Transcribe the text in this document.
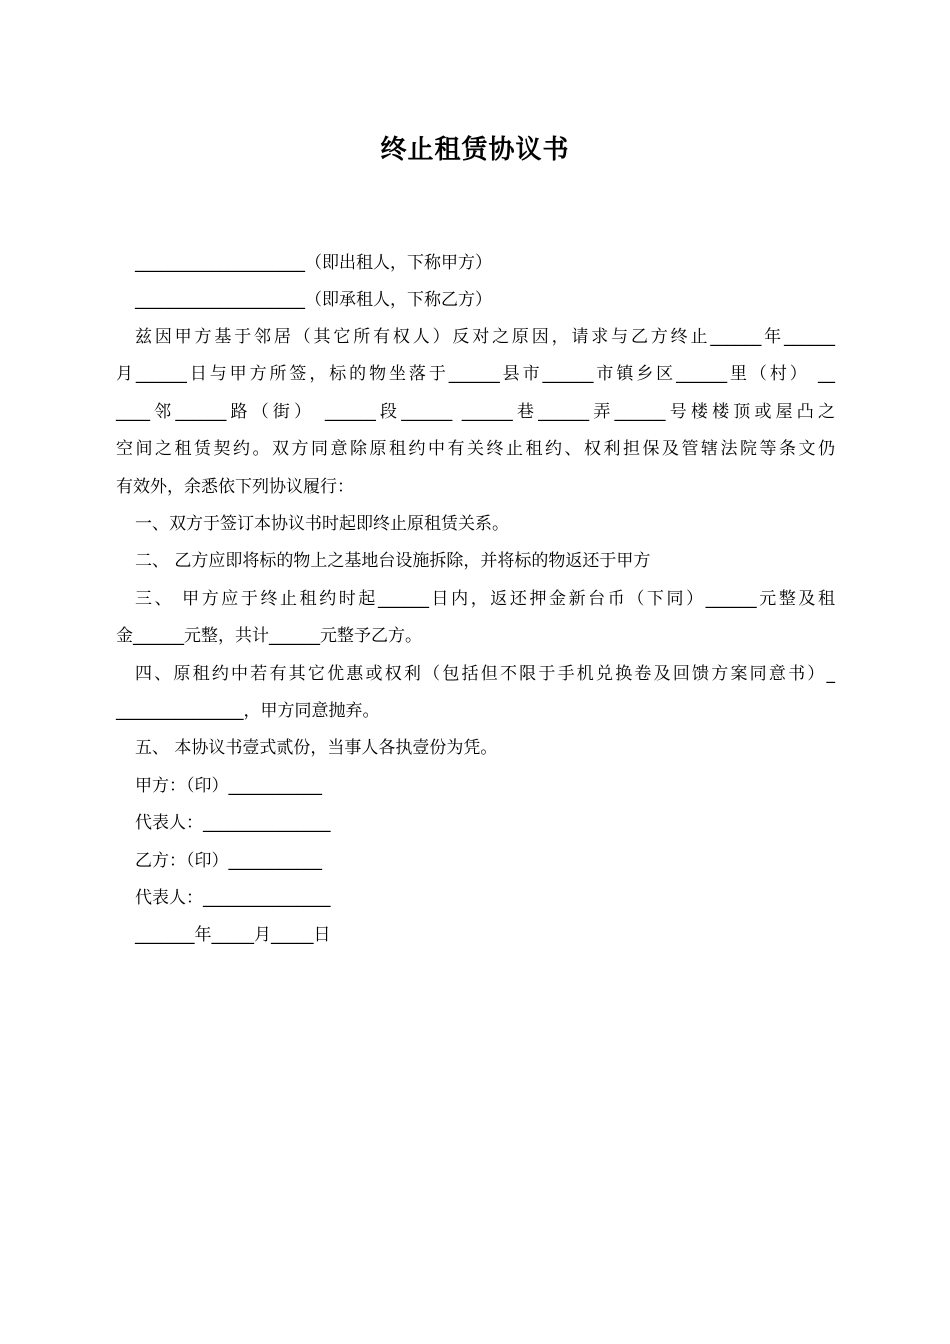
终止租赁协议书
____________________（即出租人，下称甲方）
____________________（即承租人，下称乙方）
兹因甲方基于邻居（其它所有权人）反对之原因，请求与乙方终止______年______
月______日与甲方所签，标的物坐落于______县市______市镇乡区______里（村） __
____邻______路（街） ______段______ ______巷______弄______号楼楼顶或屋凸之
空间之租赁契约。双方同意除原租约中有关终止租约、权利担保及管辖法院等条文仍
有效外，余悉依下列协议履行：
一、双方于签订本协议书时起即终止原租赁关系。
二、 乙方应即将标的物上之基地台设施拆除，并将标的物返还于甲方
三、 甲方应于终止租约时起______日内，返还押金新台币（下同）______元整及租
金______元整，共计______元整予乙方。
四、原租约中若有其它优惠或权利（包括但不限于手机兑换卷及回馈方案同意书）_
_______________，甲方同意抛弃。
五、 本协议书壹式贰份，当事人各执壹份为凭。
甲方：（印）___________
代表人：_______________
乙方：（印）___________
代表人：_______________
_______年_____月_____日
